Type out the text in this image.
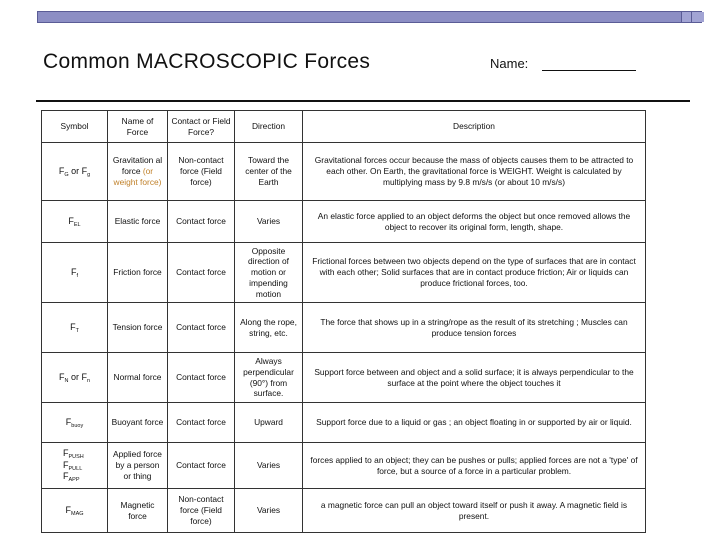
Common MACROSCOPIC Forces	Name:
Symbol	Name of Force	Contact or Field Force?	Direction	Description
$F_G$ or $F_g$	Gravitation al force (or weight force)	Non-contact force (Field force)	Toward the center of the Earth	Gravitational forces occur because the mass of objects causes them to be attracted to each other. On Earth, the gravitational force is WEIGHT. Weight is calculated by multiplying mass by 9.8 m/s/s (or about 10 m/s/s)
$F_{EL}$	Elastic force	Contact force	Varies	An elastic force applied to an object deforms the object but once removed allows the object to recover its original form, length, shape.
$F_f$	Friction force	Contact force	Opposite direction of motion or impending motion	Frictional forces between two objects depend on the type of surfaces that are in contact with each other; Solid surfaces that are in contact produce friction; Air or liquids can produce frictional forces, too.
$F_T$	Tension force	Contact force	Along the rope, string, etc.	The force that shows up in a string/rope as the result of its stretching ; Muscles can produce tension forces
$F_N$ or $F_n$	Normal force	Contact force	Always perpendicular (90°) from surface.	Support force between and object and a solid surface; it is always perpendicular to the surface at the point where the object touches it
$F_{buoy}$	Buoyant force	Contact force	Upward	Support force due to a liquid or gas ; an object floating in or supported by air or liquid.

$F_{PUSH}$
$F_{PULL}$
$F_{APP}$	Applied force by a person or thing	Contact force	Varies	forces applied to an object; they can be pushes or pulls; applied forces are not a 'type' of force, but a source of a force in a particular problem.
$F_{MAG}$	Magnetic force	Non-contact force (Field force)	Varies	a magnetic force can pull an object toward itself or push it away. A magnetic field is present.
